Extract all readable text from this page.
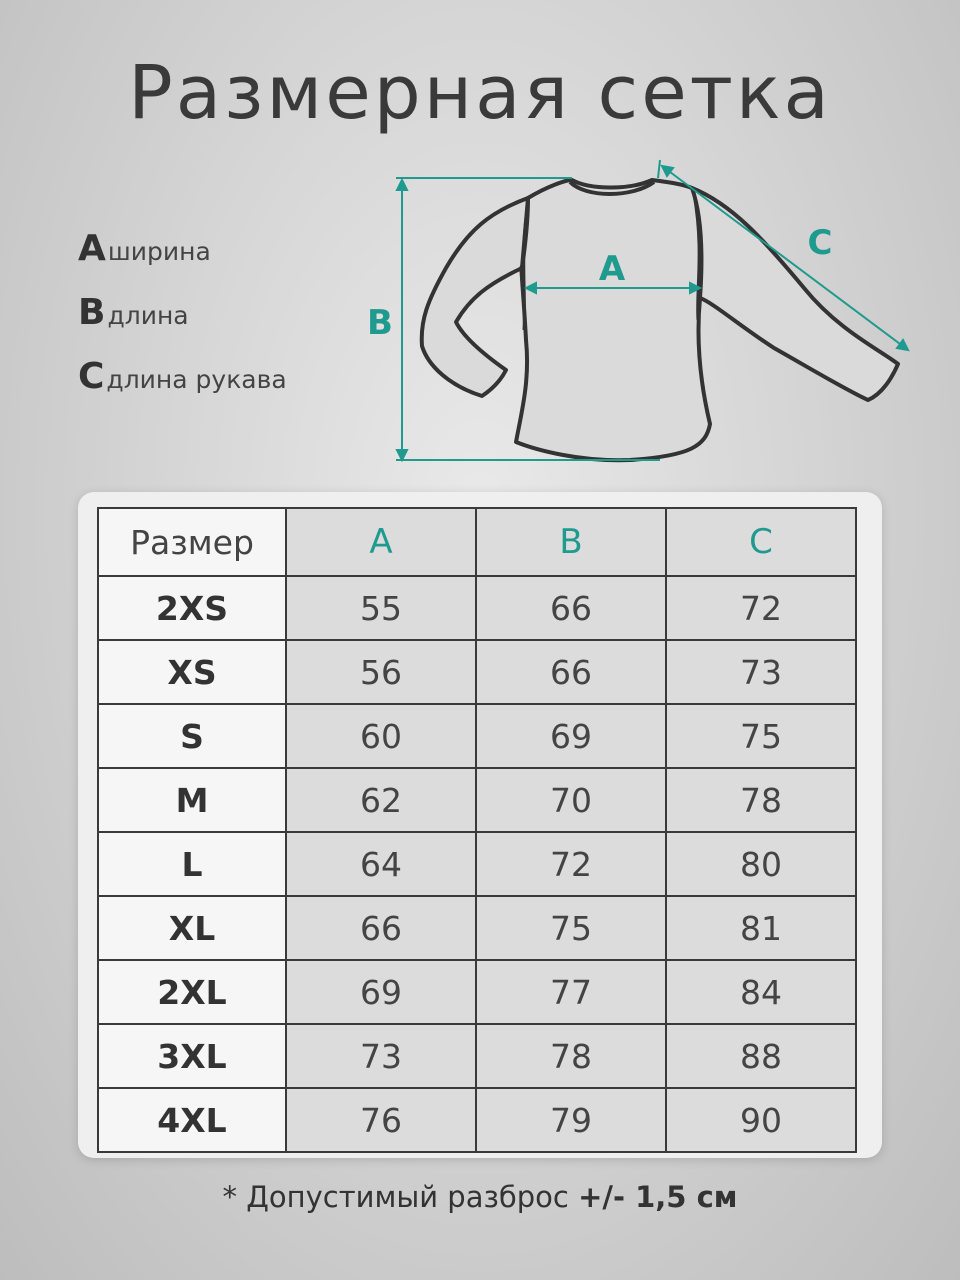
Размерная сетка
A ширина
B длина
C длина рукава
A
B
C
Размер	A	B	C
2XS	55	66	72
XS	56	66	73
S	60	69	75
M	62	70	78
L	64	72	80
XL	66	75	81
2XL	69	77	84
3XL	73	78	88
4XL	76	79	90
* Допустимый разброс +/- 1,5 см
